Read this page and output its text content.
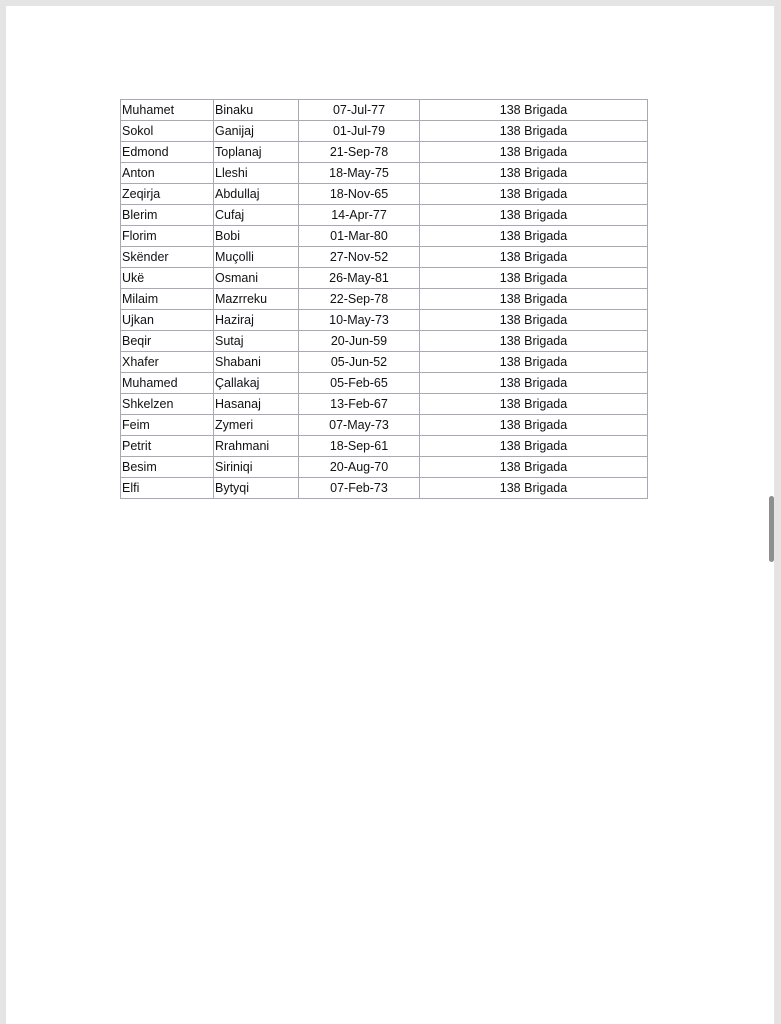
Muhamet	Binaku	07-Jul-77	138 Brigada
Sokol	Ganijaj	01-Jul-79	138 Brigada
Edmond	Toplanaj	21-Sep-78	138 Brigada
Anton	Lleshi	18-May-75	138 Brigada
Zeqirja	Abdullaj	18-Nov-65	138 Brigada
Blerim	Cufaj	14-Apr-77	138 Brigada
Florim	Bobi	01-Mar-80	138 Brigada
Skënder	Muçolli	27-Nov-52	138 Brigada
Ukë	Osmani	26-May-81	138 Brigada
Milaim	Mazrreku	22-Sep-78	138 Brigada
Ujkan	Haziraj	10-May-73	138 Brigada
Beqir	Sutaj	20-Jun-59	138 Brigada
Xhafer	Shabani	05-Jun-52	138 Brigada
Muhamed	Çallakaj	05-Feb-65	138 Brigada
Shkelzen	Hasanaj	13-Feb-67	138 Brigada
Feim	Zymeri	07-May-73	138 Brigada
Petrit	Rrahmani	18-Sep-61	138 Brigada
Besim	Siriniqi	20-Aug-70	138 Brigada
Elfi	Bytyqi	07-Feb-73	138 Brigada
